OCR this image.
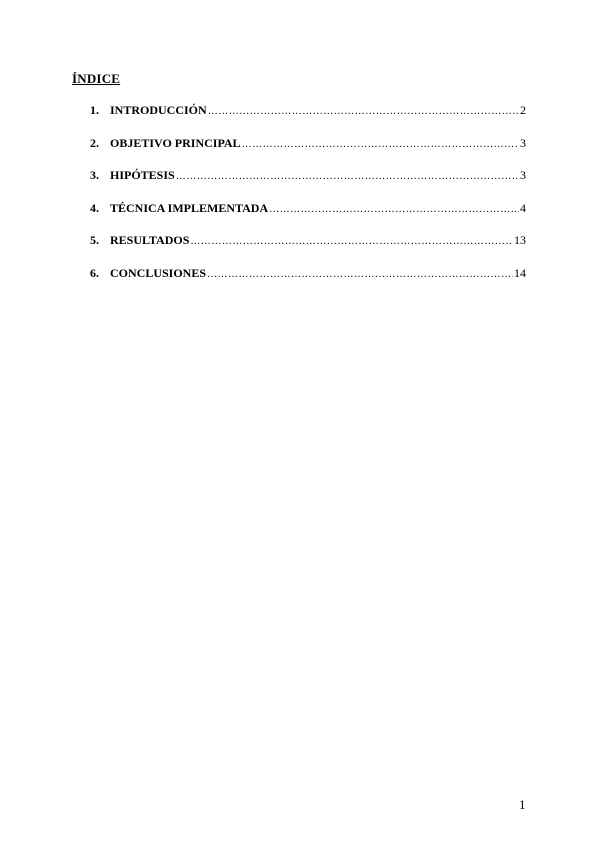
ÍNDICE
1. INTRODUCCIÓN ………………………………………………………………………………………………………………………………………………………	2
2. OBJETIVO PRINCIPAL ………………………………………………………………………………………………………………………………………………………	3
3. HIPÓTESIS ………………………………………………………………………………………………………………………………………………………	3
4. TÉCNICA IMPLEMENTADA ………………………………………………………………………………………………………………………………………………………	4
5. RESULTADOS ………………………………………………………………………………………………………………………………………………………	13
6. CONCLUSIONES ………………………………………………………………………………………………………………………………………………………	14
1
